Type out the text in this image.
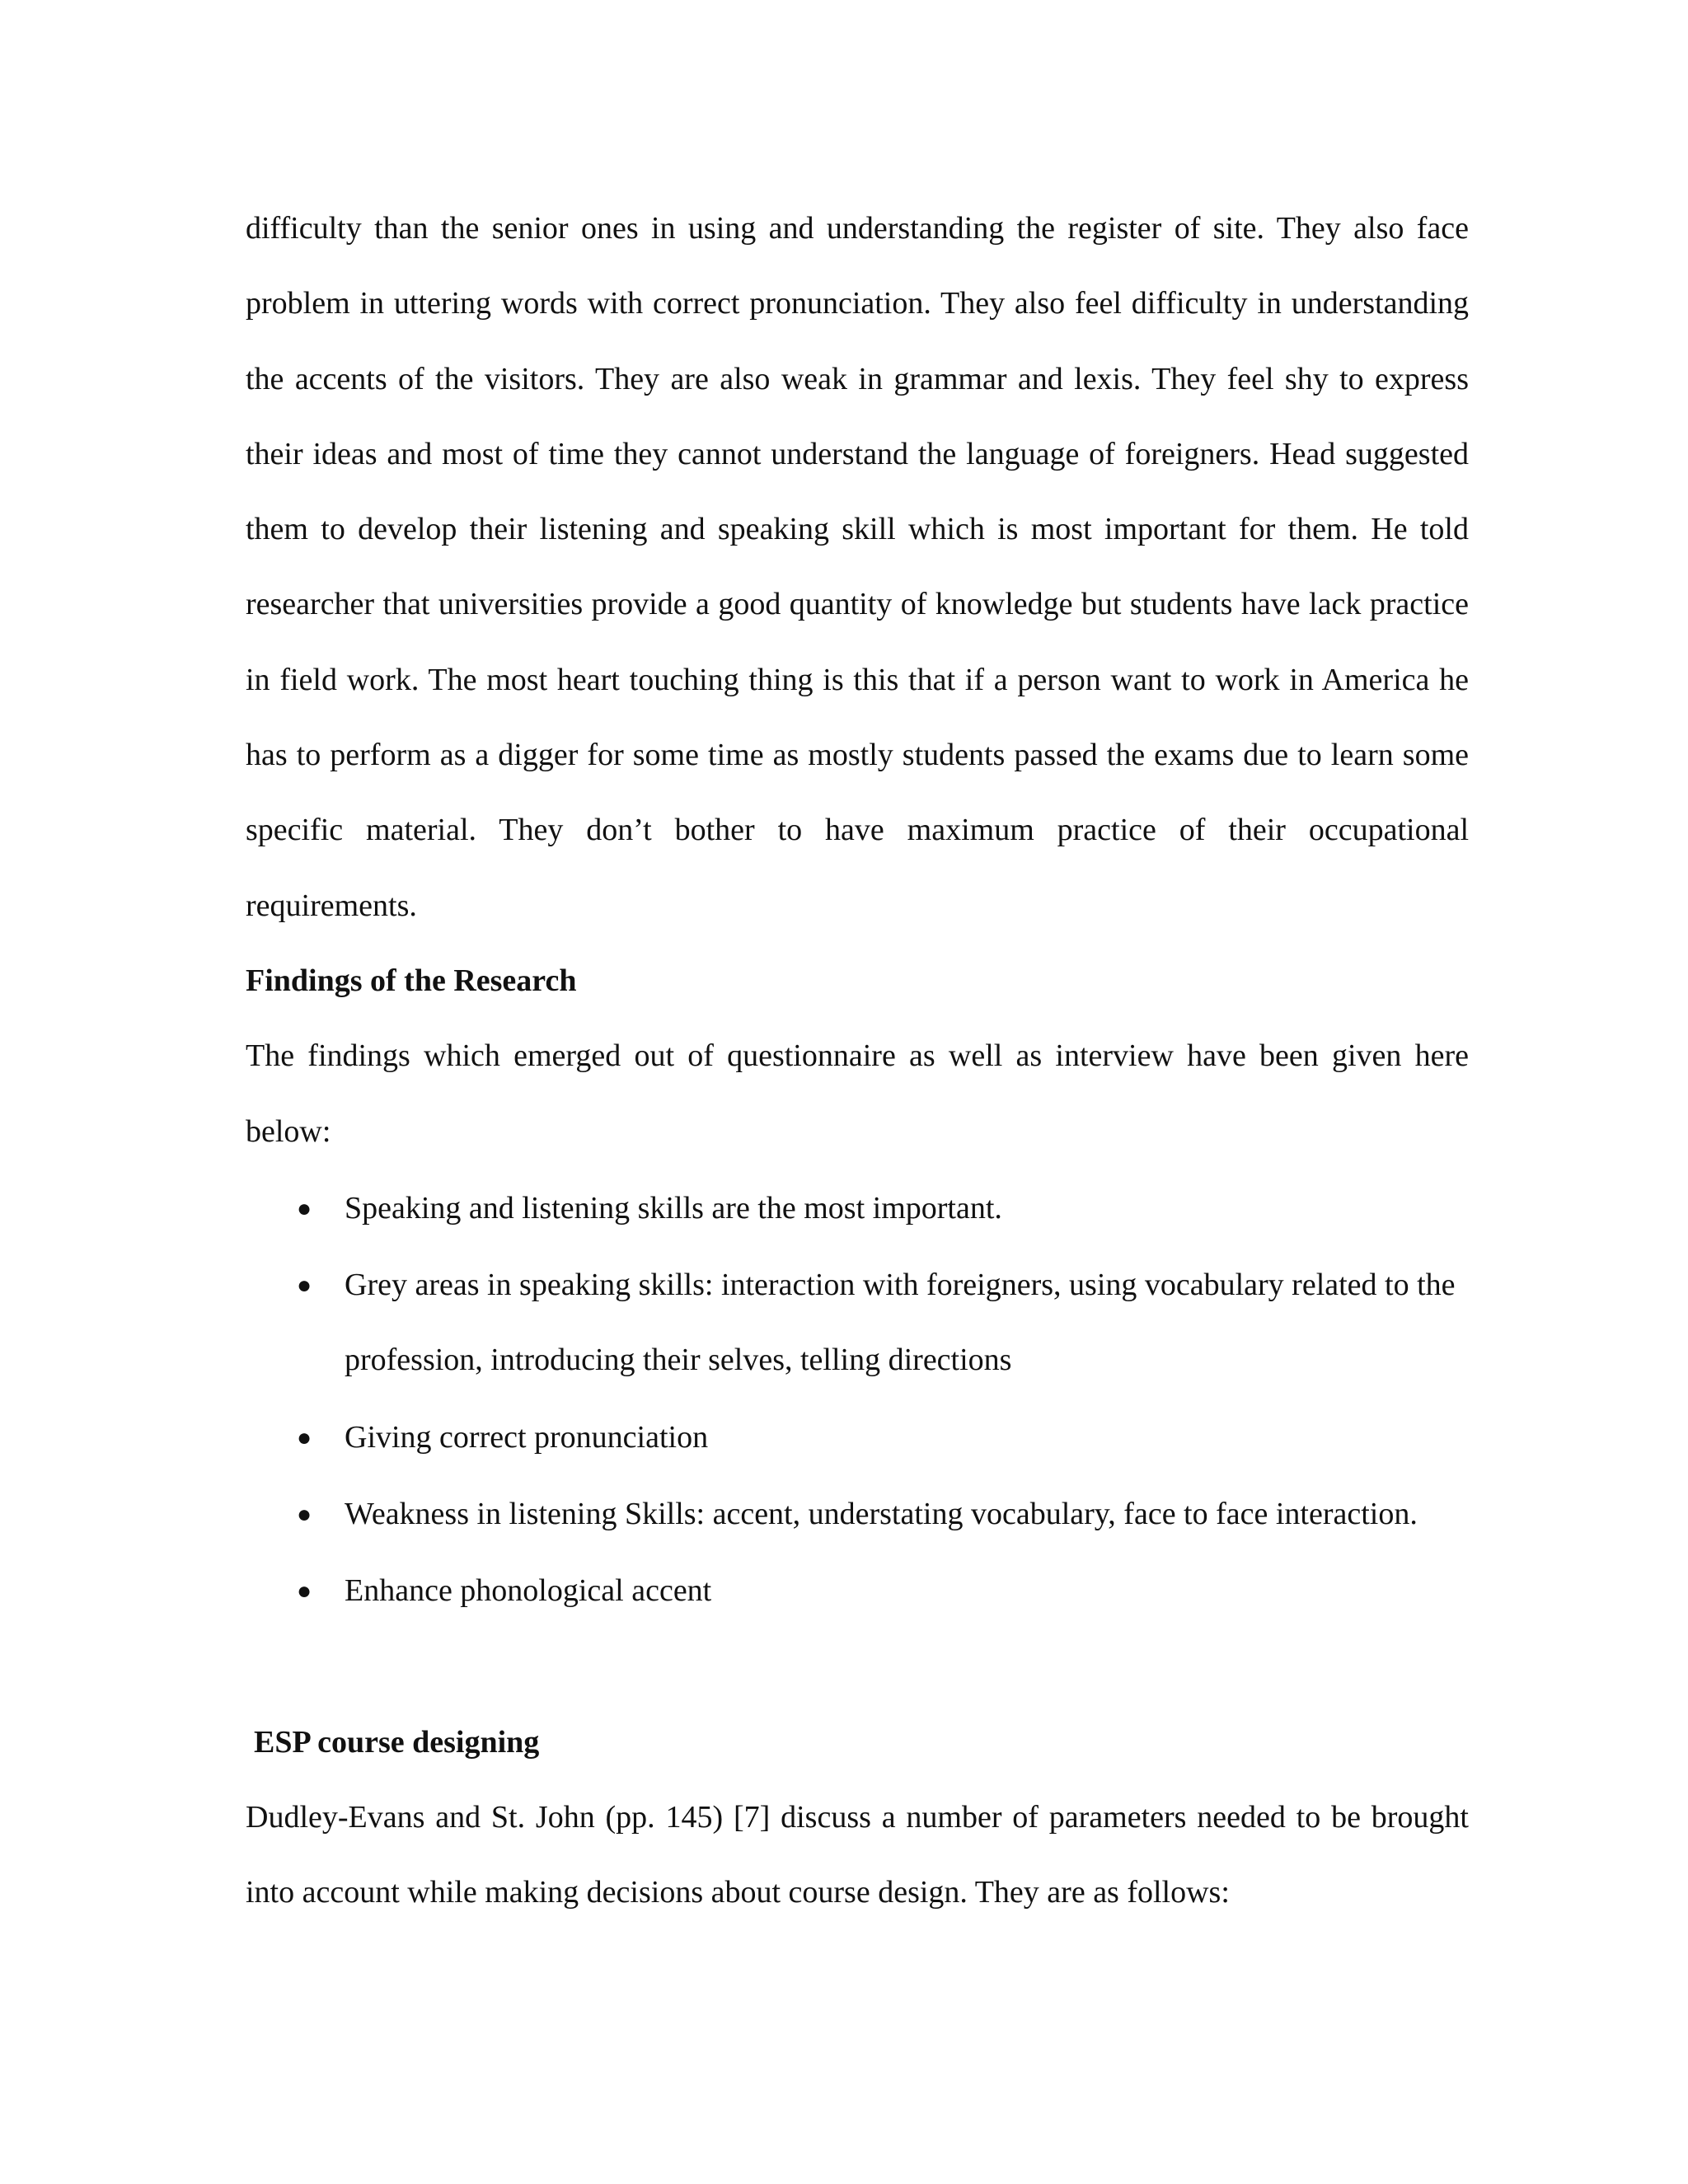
difficulty than the senior ones in using and understanding the register of site. They also face problem in uttering words with correct pronunciation. They also feel difficulty in understanding the accents of the visitors. They are also weak in grammar and lexis. They feel shy to express their ideas and most of time they cannot understand the language of foreigners. Head suggested them to develop their listening and speaking skill which is most important for them. He told researcher that universities provide a good quantity of knowledge but students have lack practice in field work. The most heart touching thing is this that if a person want to work in America he has to perform as a digger for some time as mostly students passed the exams due to learn some specific material. They don’t bother to have maximum practice of their occupational requirements.

Findings of the Research

The findings which emerged out of questionnaire as well as interview have been given here below:

● Speaking and listening skills are the most important.
● Grey areas in speaking skills: interaction with foreigners, using vocabulary related to the profession, introducing their selves, telling directions
● Giving correct pronunciation
● Weakness in listening Skills: accent, understating vocabulary, face to face interaction.
● Enhance phonological accent

ESP course designing

Dudley-Evans and St. John (pp. 145) [7] discuss a number of parameters needed to be brought into account while making decisions about course design. They are as follows:
